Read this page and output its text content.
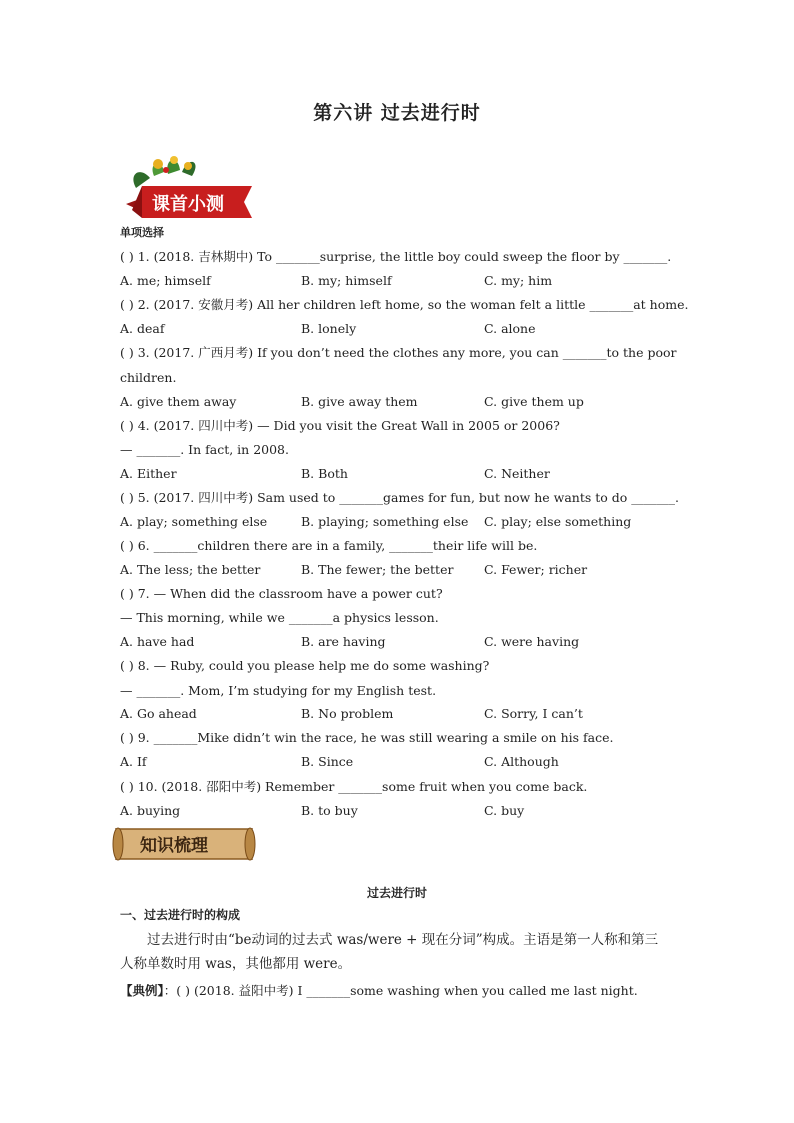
第六讲 过去进行时
课首小测
单项选择
( ) 1. (2018. 吉林期中) To _______surprise, the little boy could sweep the floor by _______.
A. me; himself	B. my; himself	C. my; him
( ) 2. (2017. 安徽月考) All her children left home, so the woman felt a little _______at home.
A. deaf	B. lonely	C. alone
( ) 3. (2017. 广西月考) If you don’t need the clothes any more, you can _______to the poor
children.
A. give them away	B. give away them	C. give them up
( ) 4. (2017. 四川中考) — Did you visit the Great Wall in 2005 or 2006?
— _______. In fact, in 2008.
A. Either	B. Both	C. Neither
( ) 5. (2017. 四川中考) Sam used to _______games for fun, but now he wants to do _______.
A. play; something else	B. playing; something else C. play; else something
( ) 6. _______children there are in a family, _______their life will be.
A. The less; the better	B. The fewer; the better C. Fewer; richer
( ) 7. — When did the classroom have a power cut?
— This morning, while we _______a physics lesson.
A. have had	B. are having	C. were having
( ) 8. — Ruby, could you please help me do some washing?
— _______. Mom, I’m studying for my English test.
A. Go ahead	B. No problem	C. Sorry, I can’t
( ) 9. _______Mike didn’t win the race, he was still wearing a smile on his face.
A. If	B. Since	C. Although
( ) 10. (2018. 邵阳中考) Remember _______some fruit when you come back.
A. buying	B. to buy	C. buy
知识梳理
过去进行时
一、过去进行时的构成
过去进行时由“be动词的过去式 was/were + 现在分词”构成。主语是第一人称和第三
人称单数时用 was，其他都用 were。
【典例】：( ) (2018. 益阳中考) I _______some washing when you called me last night.
